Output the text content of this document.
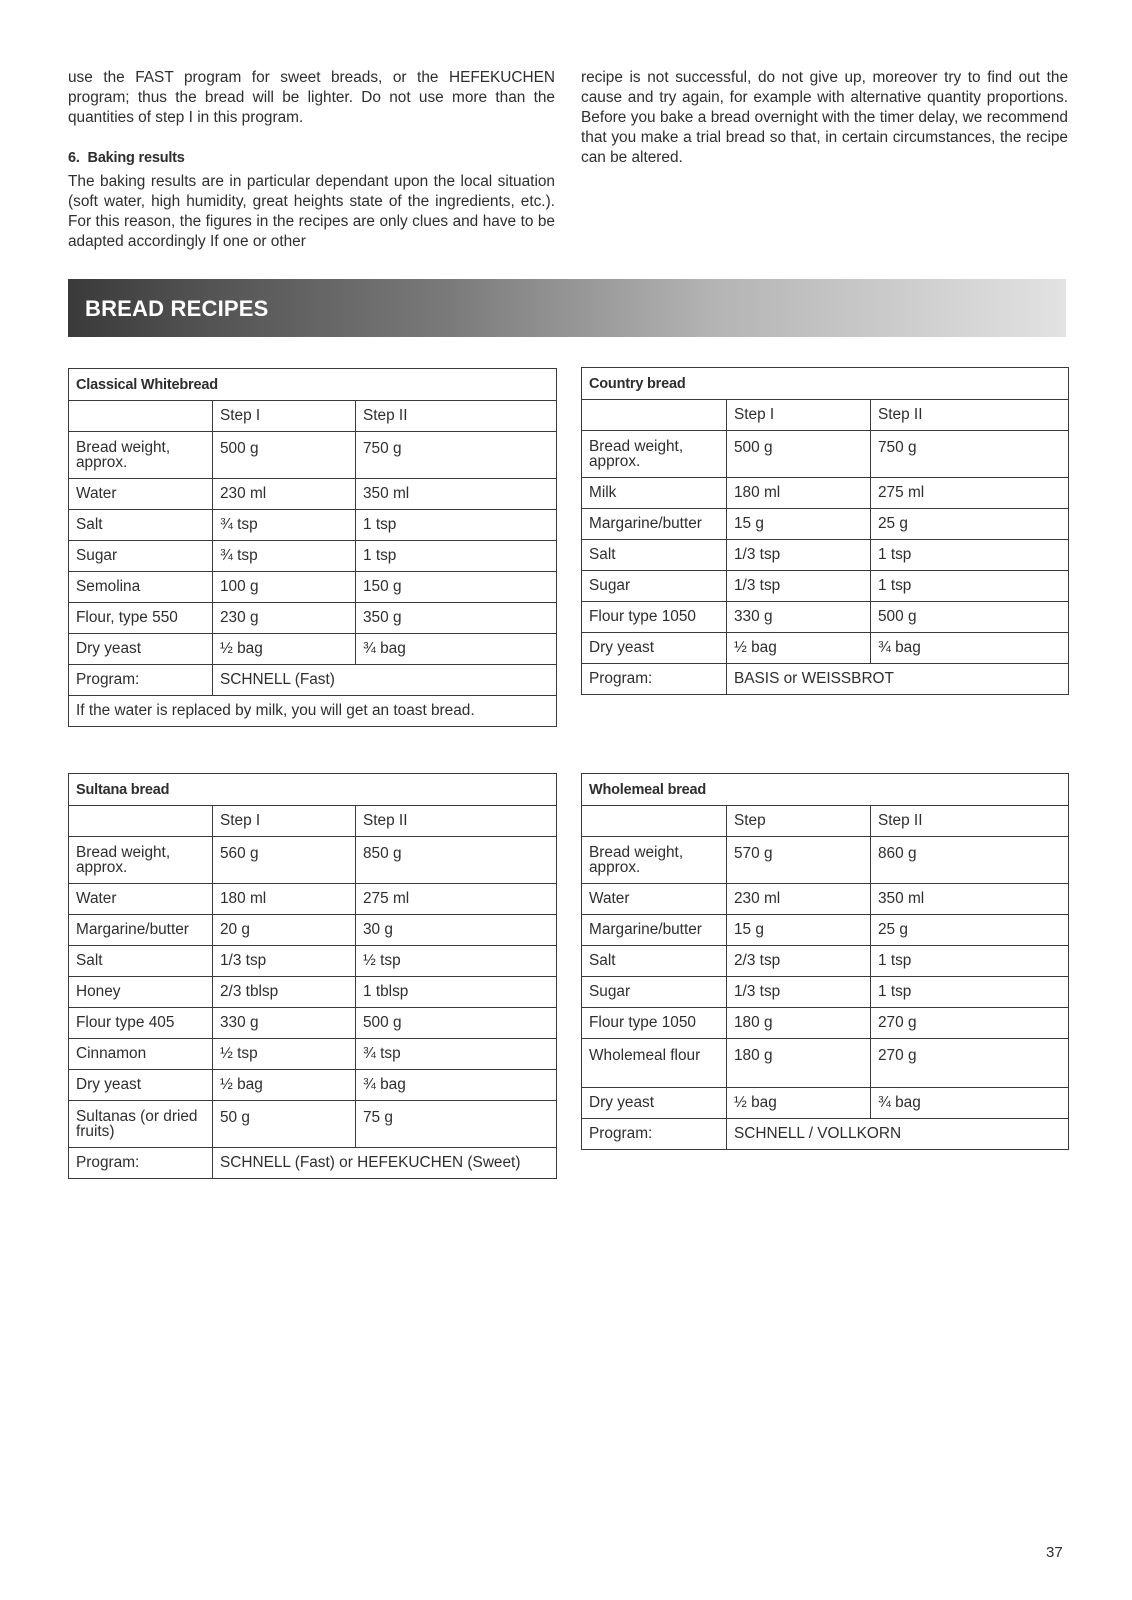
use the FAST program for sweet breads, or the HEFEKUCHEN program; thus the bread will be lighter. Do not use more than the quantities of step I in this program.

6. Baking results

The baking results are in particular dependant upon the local situation (soft water, high humidity, great heights state of the ingredients, etc.). For this reason, the figures in the recipes are only clues and have to be adapted accordingly If one or other

recipe is not successful, do not give up, moreover try to find out the cause and try again, for example with alternative quantity proportions. Before you bake a bread overnight with the timer delay, we recommend that you make a trial bread so that, in certain circumstances, the recipe can be altered.

BREAD RECIPES
Classical Whitebread		
	Step I	Step II
Bread weight, approx.	500 g	750 g
Water	230 ml	350 ml
Salt	¾ tsp	1 tsp
Sugar	¾ tsp	1 tsp
Semolina	100 g	150 g
Flour, type 550	230 g	350 g
Dry yeast	½ bag	¾ bag
Program:	SCHNELL (Fast)	
If the water is replaced by milk, you will get an toast bread.		
Country bread		
	Step I	Step II
Bread weight, approx.	500 g	750 g
Milk	180 ml	275 ml
Margarine/butter	15 g	25 g
Salt	1/3 tsp	1 tsp
Sugar	1/3 tsp	1 tsp
Flour type 1050	330 g	500 g
Dry yeast	½ bag	¾ bag
Program:	BASIS or WEISSBROT	
Sultana bread		
	Step I	Step II
Bread weight, approx.	560 g	850 g
Water	180 ml	275 ml
Margarine/butter	20 g	30 g
Salt	1/3 tsp	½ tsp
Honey	2/3 tblsp	1 tblsp
Flour type 405	330 g	500 g
Cinnamon	½ tsp	¾ tsp
Dry yeast	½ bag	¾ bag
Sultanas (or dried fruits)	50 g	75 g
Program:	SCHNELL (Fast) or HEFEKUCHEN (Sweet)	
Wholemeal bread		
	Step	Step II
Bread weight, approx.	570 g	860 g
Water	230 ml	350 ml
Margarine/butter	15 g	25 g
Salt	2/3 tsp	1 tsp
Sugar	1/3 tsp	1 tsp
Flour type 1050	180 g	270 g
Wholemeal flour	180 g	270 g
Dry yeast	½ bag	¾ bag
Program:	SCHNELL / VOLLKORN	
37
